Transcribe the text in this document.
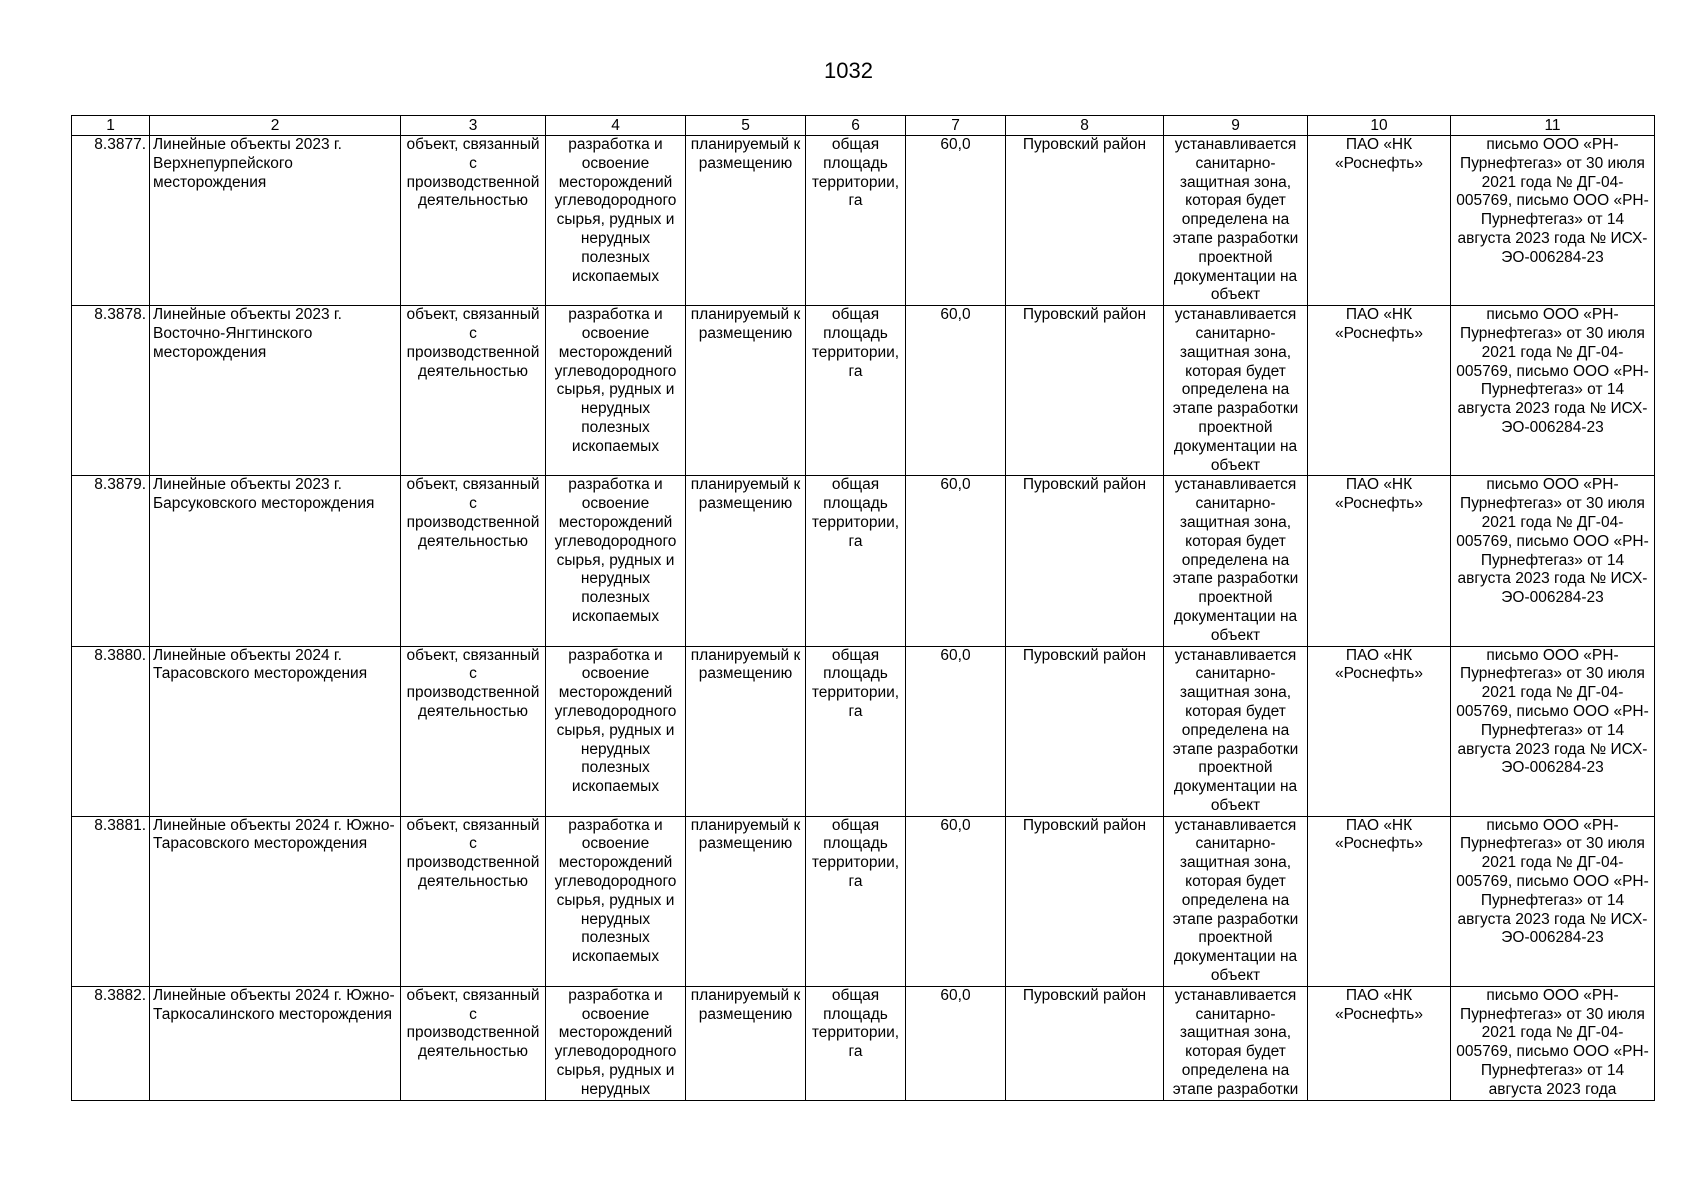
1032
1	2	3	4	5	6	7	8	9	10	11
8.3877.	Линейные объекты 2023 г. Верхнепурпейского месторождения	объект, связанный с производственной деятельностью	разработка и освоение месторождений углеводородного сырья, рудных и нерудных полезных ископаемых	планируемый к размещению	общая площадь территории, га	60,0	Пуровский район	устанавливается санитарно-защитная зона, которая будет определена на этапе разработки проектной документации на объект	ПАО «НК «Роснефть»	письмо ООО «РН-Пурнефтегаз» от 30 июля 2021 года № ДГ-04-005769, письмо ООО «РН-Пурнефтегаз» от 14 августа 2023 года № ИСХ-ЭО-006284-23
8.3878.	Линейные объекты 2023 г. Восточно-Янгтинского месторождения	объект, связанный с производственной деятельностью	разработка и освоение месторождений углеводородного сырья, рудных и нерудных полезных ископаемых	планируемый к размещению	общая площадь территории, га	60,0	Пуровский район	устанавливается санитарно-защитная зона, которая будет определена на этапе разработки проектной документации на объект	ПАО «НК «Роснефть»	письмо ООО «РН-Пурнефтегаз» от 30 июля 2021 года № ДГ-04-005769, письмо ООО «РН-Пурнефтегаз» от 14 августа 2023 года № ИСХ-ЭО-006284-23
8.3879.	Линейные объекты 2023 г. Барсуковского месторождения	объект, связанный с производственной деятельностью	разработка и освоение месторождений углеводородного сырья, рудных и нерудных полезных ископаемых	планируемый к размещению	общая площадь территории, га	60,0	Пуровский район	устанавливается санитарно-защитная зона, которая будет определена на этапе разработки проектной документации на объект	ПАО «НК «Роснефть»	письмо ООО «РН-Пурнефтегаз» от 30 июля 2021 года № ДГ-04-005769, письмо ООО «РН-Пурнефтегаз» от 14 августа 2023 года № ИСХ-ЭО-006284-23
8.3880.	Линейные объекты 2024 г. Тарасовского месторождения	объект, связанный с производственной деятельностью	разработка и освоение месторождений углеводородного сырья, рудных и нерудных полезных ископаемых	планируемый к размещению	общая площадь территории, га	60,0	Пуровский район	устанавливается санитарно-защитная зона, которая будет определена на этапе разработки проектной документации на объект	ПАО «НК «Роснефть»	письмо ООО «РН-Пурнефтегаз» от 30 июля 2021 года № ДГ-04-005769, письмо ООО «РН-Пурнефтегаз» от 14 августа 2023 года № ИСХ-ЭО-006284-23
8.3881.	Линейные объекты 2024 г. Южно-Тарасовского месторождения	объект, связанный с производственной деятельностью	разработка и освоение месторождений углеводородного сырья, рудных и нерудных полезных ископаемых	планируемый к размещению	общая площадь территории, га	60,0	Пуровский район	устанавливается санитарно-защитная зона, которая будет определена на этапе разработки проектной документации на объект	ПАО «НК «Роснефть»	письмо ООО «РН-Пурнефтегаз» от 30 июля 2021 года № ДГ-04-005769, письмо ООО «РН-Пурнефтегаз» от 14 августа 2023 года № ИСХ-ЭО-006284-23
8.3882.	Линейные объекты 2024 г. Южно-Таркосалинского месторождения	объект, связанный с производственной деятельностью	разработка и освоение месторождений углеводородного сырья, рудных и нерудных	планируемый к размещению	общая площадь территории, га	60,0	Пуровский район	устанавливается санитарно-защитная зона, которая будет определена на этапе разработки	ПАО «НК «Роснефть»	письмо ООО «РН-Пурнефтегаз» от 30 июля 2021 года № ДГ-04-005769, письмо ООО «РН-Пурнефтегаз» от 14 августа 2023 года
